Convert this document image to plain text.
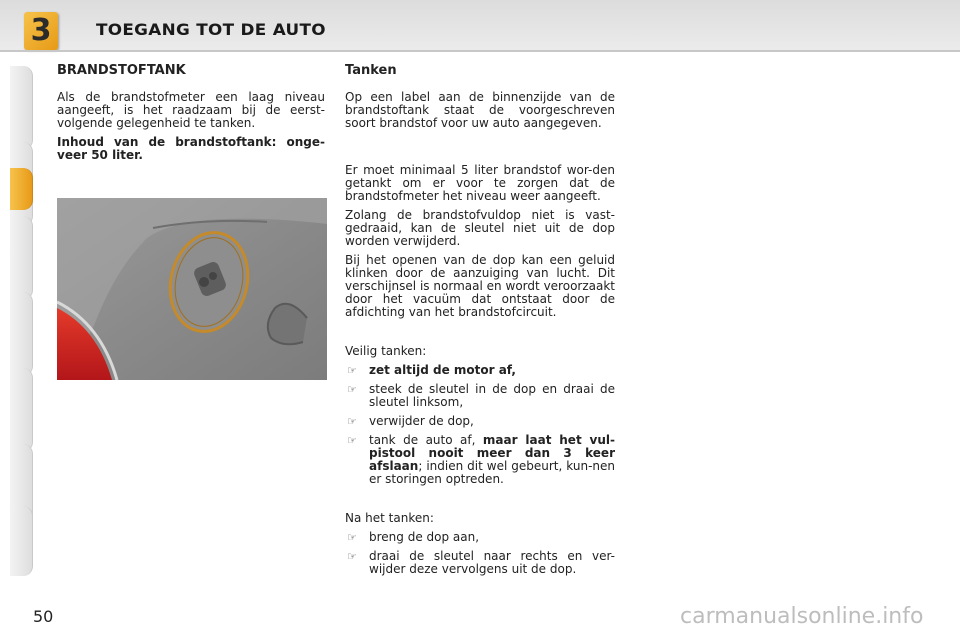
3	TOEGANG TOT DE AUTO
BRANDSTOFTANK

Als de brandstofmeter een laag niveau aangeeft, is het raadzaam bij de eerst-volgende gelegenheid te tanken.

Inhoud van de brandstoftank: onge-veer 50 liter.

Tanken

Op een label aan de binnenzijde van de brandstoftank staat de voorgeschreven soort brandstof voor uw auto aangegeven.

Er moet minimaal 5 liter brandstof wor-den getankt om er voor te zorgen dat de brandstofmeter het niveau weer aangeeft.

Zolang de brandstofvuldop niet is vast-gedraaid, kan de sleutel niet uit de dop worden verwijderd.

Bij het openen van de dop kan een geluid klinken door de aanzuiging van lucht. Dit verschijnsel is normaal en wordt veroorzaakt door het vacuüm dat ontstaat door de afdichting van het brandstofcircuit.

Veilig tanken:

☞ zet altijd de motor af,
☞ steek de sleutel in de dop en draai de sleutel linksom,
☞ verwijder de dop,
☞ tank de auto af, maar laat het vul-pistool nooit meer dan 3 keer afslaan; indien dit wel gebeurt, kun-nen er storingen optreden.

Na het tanken:

☞ breng de dop aan,
☞ draai de sleutel naar rechts en ver-wijder deze vervolgens uit de dop.
50	carmanualsonline.info
